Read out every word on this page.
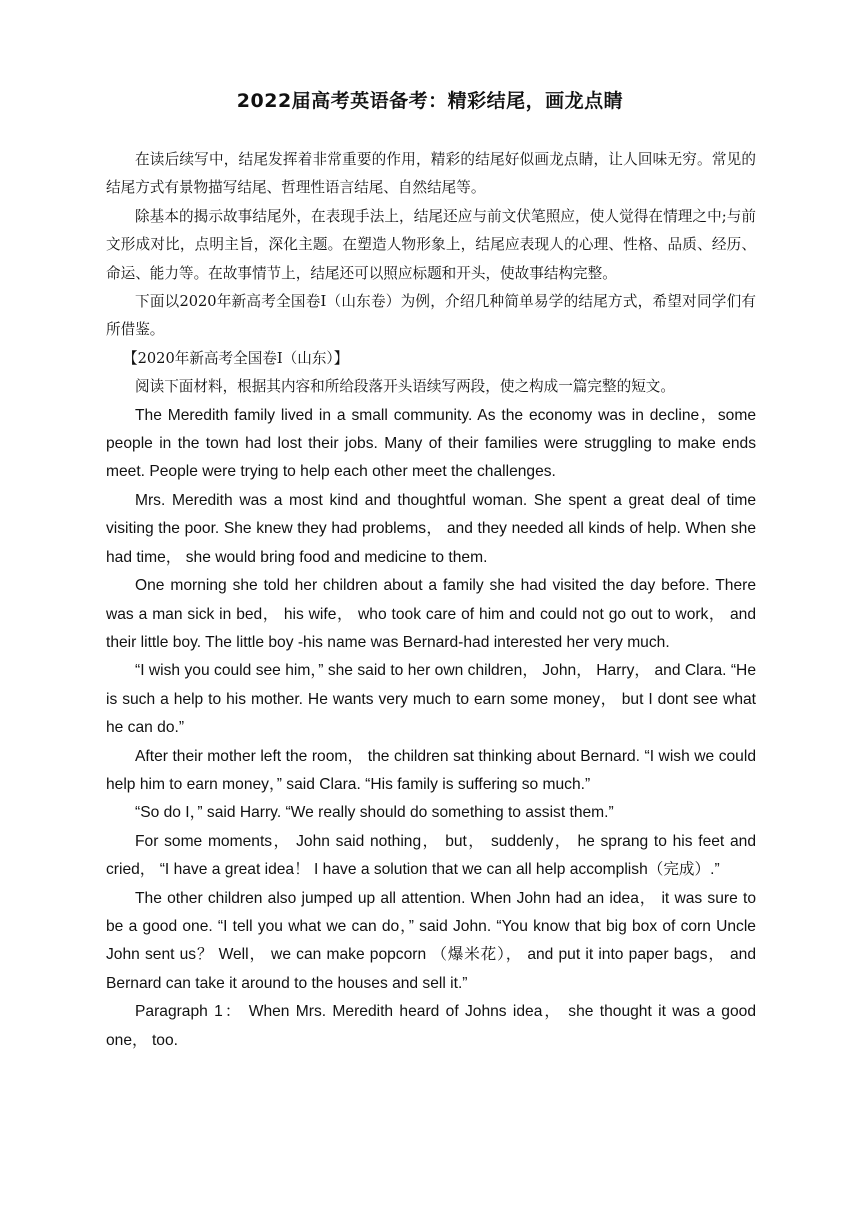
2022届高考英语备考：精彩结尾，画龙点睛

在读后续写中，结尾发挥着非常重要的作用，精彩的结尾好似画龙点睛，让人回味无穷。常见的结尾方式有景物描写结尾、哲理性语言结尾、自然结尾等。

除基本的揭示故事结尾外，在表现手法上，结尾还应与前文伏笔照应，使人觉得在情理之中;与前文形成对比，点明主旨，深化主题。在塑造人物形象上，结尾应表现人的心理、性格、品质、经历、命运、能力等。在故事情节上，结尾还可以照应标题和开头，使故事结构完整。

下面以2020年新高考全国卷I（山东卷）为例，介绍几种简单易学的结尾方式，希望对同学们有所借鉴。

【2020年新高考全国卷I（山东）】

阅读下面材料，根据其内容和所给段落开头语续写两段，使之构成一篇完整的短文。

The Meredith family lived in a small community. As the economy was in decline，some people in the town had lost their jobs. Many of their families were struggling to make ends meet. People were trying to help each other meet the challenges.

Mrs. Meredith was a most kind and thoughtful woman. She spent a great deal of time visiting the poor. She knew they had problems， and they needed all kinds of help. When she had time， she would bring food and medicine to them.

One morning she told her children about a family she had visited the day before. There was a man sick in bed， his wife， who took care of him and could not go out to work， and their little boy. The little boy -his name was Bernard-had interested her very much.

“I wish you could see him，” she said to her own children， John， Harry， and Clara. “He is such a help to his mother. He wants very much to earn some money， but I dont see what he can do.”

After their mother left the room， the children sat thinking about Bernard. “I wish we could help him to earn money，” said Clara. “His family is suffering so much.”

“So do I，” said Harry. “We really should do something to assist them.”

For some moments， John said nothing， but， suddenly， he sprang to his feet and cried， “I have a great idea！ I have a solution that we can all help accomplish（完成）.”

The other children also jumped up all attention. When John had an idea， it was sure to be a good one. “I tell you what we can do，” said John. “You know that big box of corn Uncle John sent us？ Well， we can make popcorn （爆米花）， and put it into paper bags， and Bernard can take it around to the houses and sell it.”

Paragraph 1： When Mrs. Meredith heard of Johns idea， she thought it was a good one， too.
